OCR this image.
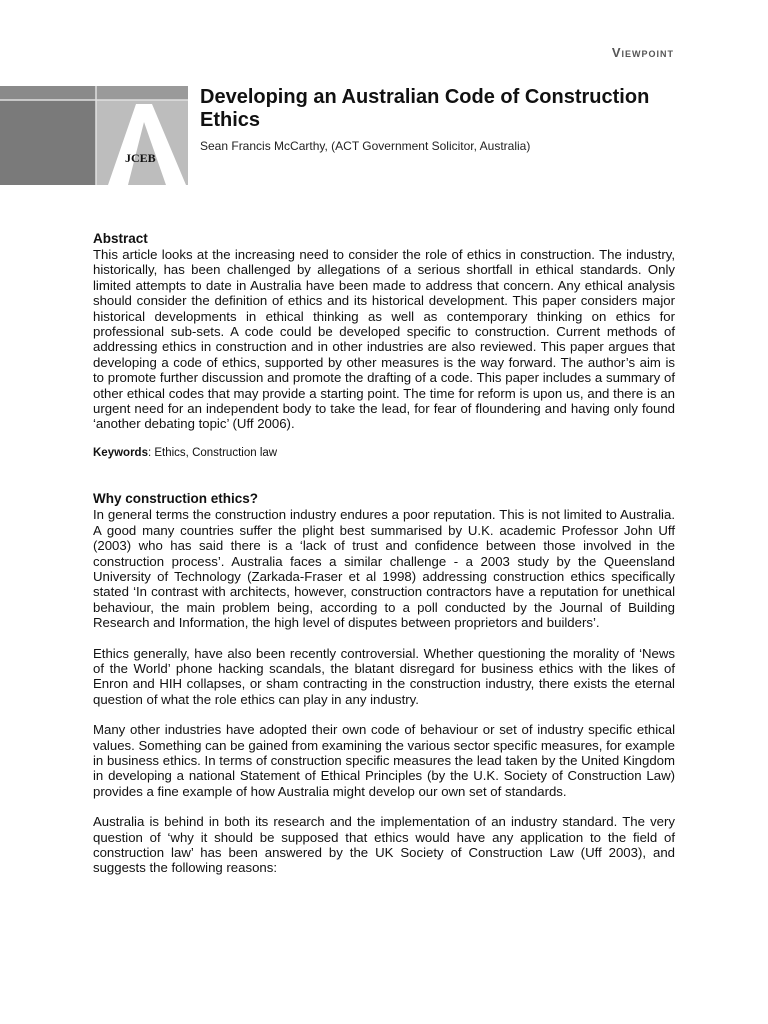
Viewpoint
JCEB
Developing an Australian Code of Construction Ethics
Sean Francis McCarthy, (ACT Government Solicitor, Australia)
Abstract

This article looks at the increasing need to consider the role of ethics in construction. The industry, historically, has been challenged by allegations of a serious shortfall in ethical standards. Only limited attempts to date in Australia have been made to address that concern. Any ethical analysis should consider the definition of ethics and its historical development. This paper considers major historical developments in ethical thinking as well as contemporary thinking on ethics for professional sub-sets. A code could be developed specific to construction. Current methods of addressing ethics in construction and in other industries are also reviewed. This paper argues that developing a code of ethics, supported by other measures is the way forward. The author’s aim is to promote further discussion and promote the drafting of a code. This paper includes a summary of other ethical codes that may provide a starting point. The time for reform is upon us, and there is an urgent need for an independent body to take the lead, for fear of floundering and having only found ‘another debating topic’ (Uff 2006).

Keywords: Ethics, Construction law

Why construction ethics?

In general terms the construction industry endures a poor reputation. This is not limited to Australia. A good many countries suffer the plight best summarised by U.K. academic Professor John Uff (2003) who has said there is a ‘lack of trust and confidence between those involved in the construction process’. Australia faces a similar challenge - a 2003 study by the Queensland University of Technology (Zarkada-Fraser et al 1998) addressing construction ethics specifically stated ‘In contrast with architects, however, construction contractors have a reputation for unethical behaviour, the main problem being, according to a poll conducted by the Journal of Building Research and Information, the high level of disputes between proprietors and builders’.

Ethics generally, have also been recently controversial. Whether questioning the morality of ‘News of the World’ phone hacking scandals, the blatant disregard for business ethics with the likes of Enron and HIH collapses, or sham contracting in the construction industry, there exists the eternal question of what the role ethics can play in any industry.

Many other industries have adopted their own code of behaviour or set of industry specific ethical values. Something can be gained from examining the various sector specific measures, for example in business ethics. In terms of construction specific measures the lead taken by the United Kingdom in developing a national Statement of Ethical Principles (by the U.K. Society of Construction Law) provides a fine example of how Australia might develop our own set of standards.

Australia is behind in both its research and the implementation of an industry standard. The very question of ‘why it should be supposed that ethics would have any application to the field of construction law’ has been answered by the UK Society of Construction Law (Uff 2003), and suggests the following reasons:
